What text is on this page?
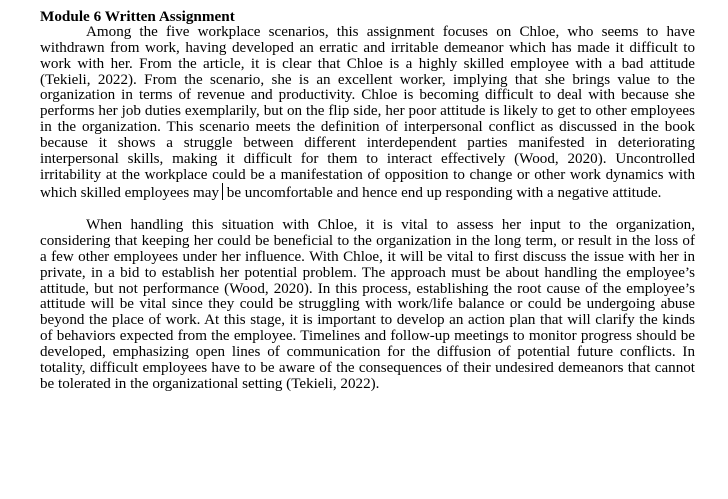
Module 6 Written Assignment

Among the five workplace scenarios, this assignment focuses on Chloe, who seems to have withdrawn from work, having developed an erratic and irritable demeanor which has made it difficult to work with her. From the article, it is clear that Chloe is a highly skilled employee with a bad attitude (Tekieli, 2022). From the scenario, she is an excellent worker, implying that she brings value to the organization in terms of revenue and productivity. Chloe is becoming difficult to deal with because she performs her job duties exemplarily, but on the flip side, her poor attitude is likely to get to other employees in the organization. This scenario meets the definition of interpersonal conflict as discussed in the book because it shows a struggle between different interdependent parties manifested in deteriorating interpersonal skills, making it difficult for them to interact effectively (Wood, 2020). Uncontrolled irritability at the workplace could be a manifestation of opposition to change or other work dynamics with which skilled employees may be uncomfortable and hence end up responding with a negative attitude.

When handling this situation with Chloe, it is vital to assess her input to the organization, considering that keeping her could be beneficial to the organization in the long term, or result in the loss of a few other employees under her influence. With Chloe, it will be vital to first discuss the issue with her in private, in a bid to establish her potential problem. The approach must be about handling the employee’s attitude, but not performance (Wood, 2020). In this process, establishing the root cause of the employee’s attitude will be vital since they could be struggling with work/life balance or could be undergoing abuse beyond the place of work. At this stage, it is important to develop an action plan that will clarify the kinds of behaviors expected from the employee. Timelines and follow-up meetings to monitor progress should be developed, emphasizing open lines of communication for the diffusion of potential future conflicts. In totality, difficult employees have to be aware of the consequences of their undesired demeanors that cannot be tolerated in the organizational setting (Tekieli, 2022).
